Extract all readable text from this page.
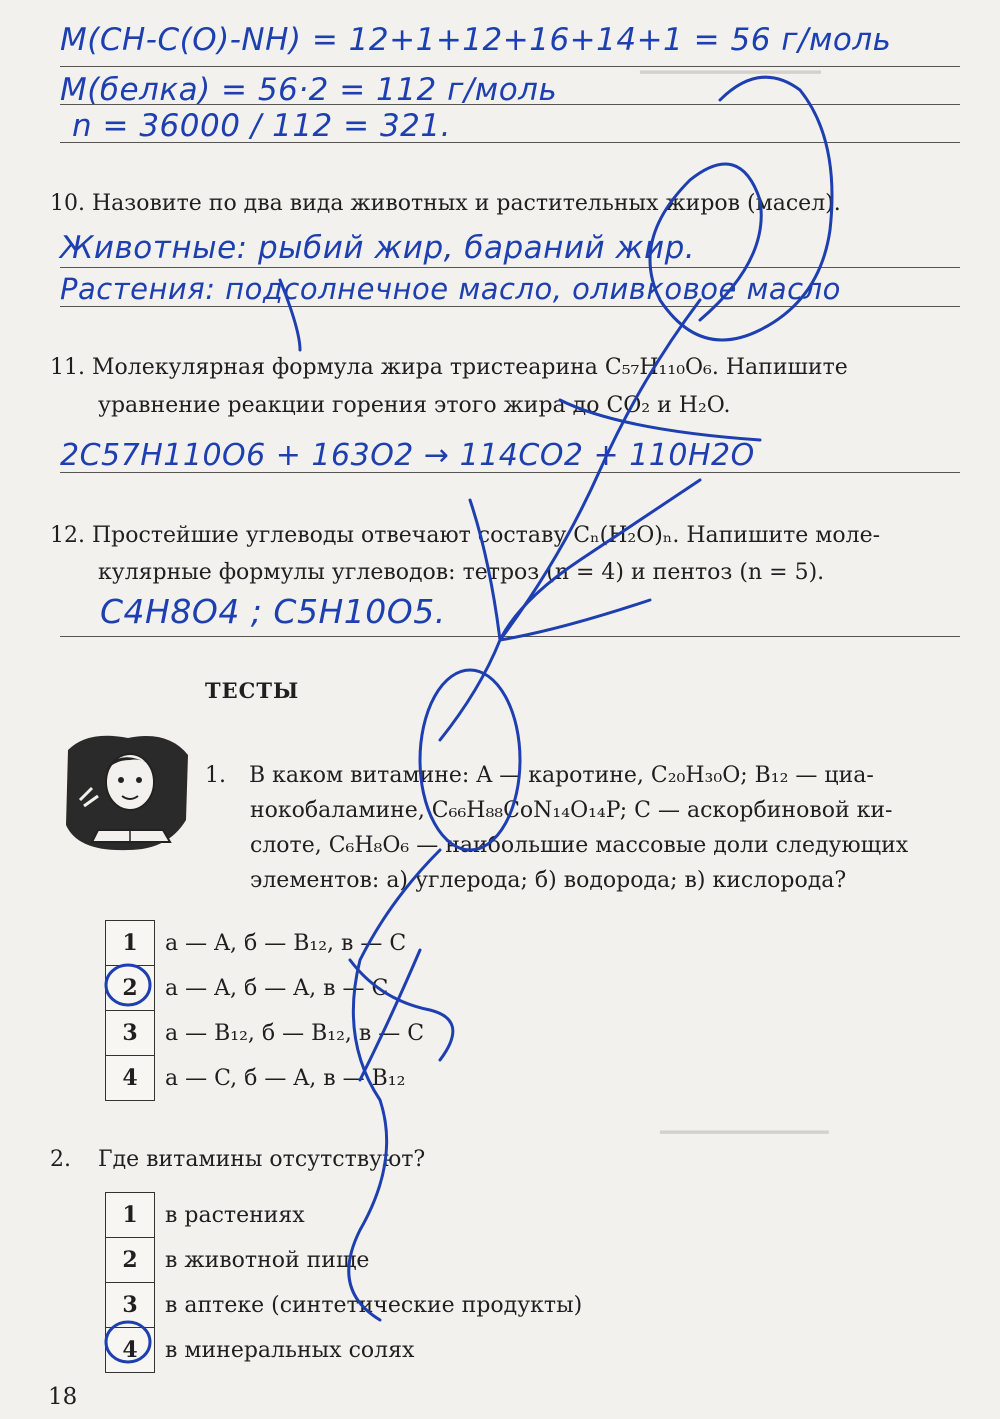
━━━━━━━━━━━━━━━
━━━━━━━━━━━━━━
M(CH-C(O)-NH) = 12+1+12+16+14+1 = 56 г/моль
M(белка) = 56·2 = 112 г/моль
n = 36000 / 112 = 321.
10. Назовите по два вида животных и растительных жиров (масел).
Животные: рыбий жир, бараний жир.
Растения: подсолнечное масло, оливковое масло
11. Молекулярная формула жира тристеарина C₅₇H₁₁₀O₆. Напишите
уравнение реакции горения этого жира до CO₂ и H₂O.
2C57H110O6 + 163O2 → 114CO2 + 110H2O
12. Простейшие углеводы отвечают составу Cₙ(H₂O)ₙ. Напишите моле-
кулярные формулы углеводов: тетроз (n = 4) и пентоз (n = 5).
C4H8O4 ; C5H10O5.
ТЕСТЫ
1. В каком витамине: A — каротине, C₂₀H₃₀O; B₁₂ — циа-
нокобаламине, C₆₆H₈₈CoN₁₄O₁₄P; C — аскорбиновой ки-
слоте, C₆H₈O₆ — наибольшие массовые доли следующих
элементов: а) углерода; б) водорода; в) кислорода?
1	а — A, б — B₁₂, в — C
2	а — A, б — A, в — C
3	а — B₁₂, б — B₁₂, в — C
4	а — C, б — A, в — B₁₂
2. Где витамины отсутствуют?
1	в растениях
2	в животной пище
3	в аптеке (синтетические продукты)
4	в минеральных солях
18
